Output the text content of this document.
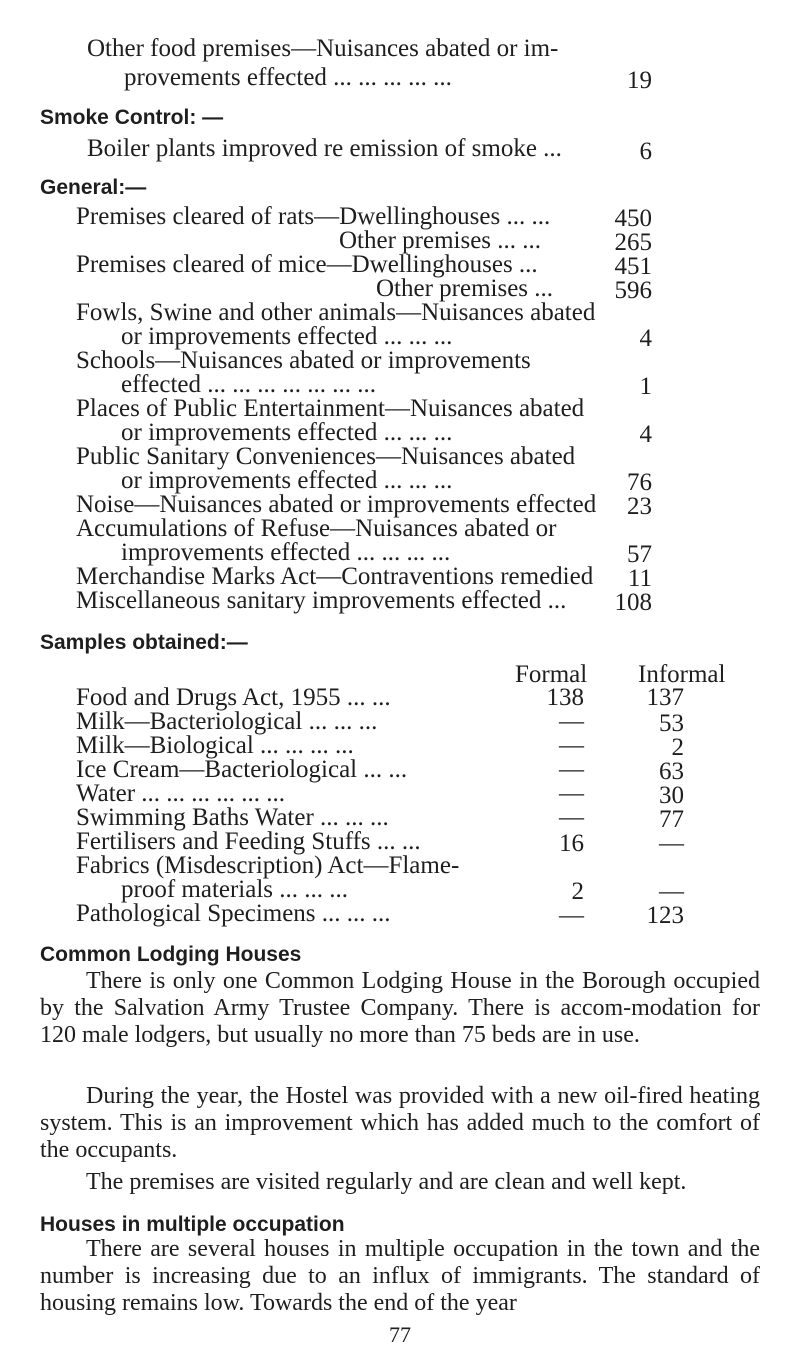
Other food premises—Nuisances abated or im-
provements effected ... ... ... ... ...	19
Smoke Control: —
Boiler plants improved re emission of smoke ...	6
General:—
Premises cleared of rats—Dwellinghouses ... ...	450
Other premises ... ...	265
Premises cleared of mice—Dwellinghouses ...	451
Other premises ...	596
Fowls, Swine and other animals—Nuisances abated
or improvements effected ... ... ...	4
Schools—Nuisances abated or improvements
effected ... ... ... ... ... ... ...	1
Places of Public Entertainment—Nuisances abated
or improvements effected ... ... ...	4
Public Sanitary Conveniences—Nuisances abated
or improvements effected ... ... ...	76
Noise—Nuisances abated or improvements effected	23
Accumulations of Refuse—Nuisances abated or
improvements effected ... ... ... ...	57
Merchandise Marks Act—Contraventions remedied	11
Miscellaneous sanitary improvements effected ...	108
Samples obtained:—
Formal Informal
Food and Drugs Act, 1955 ... ...	138	137
Milk—Bacteriological ... ... ...	—	53
Milk—Biological ... ... ... ...	—	2
Ice Cream—Bacteriological ... ...	—	63
Water ... ... ... ... ... ...	—	30
Swimming Baths Water ... ... ...	—	77
Fertilisers and Feeding Stuffs ... ...	16	—
Fabrics (Misdescription) Act—Flame-
proof materials ... ... ...	2	—
Pathological Specimens ... ... ...	—	123
Common Lodging Houses
There is only one Common Lodging House in the Borough occupied by the Salvation Army Trustee Company. There is accom-modation for 120 male lodgers, but usually no more than 75 beds are in use.
During the year, the Hostel was provided with a new oil-fired heating system. This is an improvement which has added much to the comfort of the occupants.
The premises are visited regularly and are clean and well kept.
Houses in multiple occupation
There are several houses in multiple occupation in the town and the number is increasing due to an influx of immigrants. The standard of housing remains low. Towards the end of the year
77
